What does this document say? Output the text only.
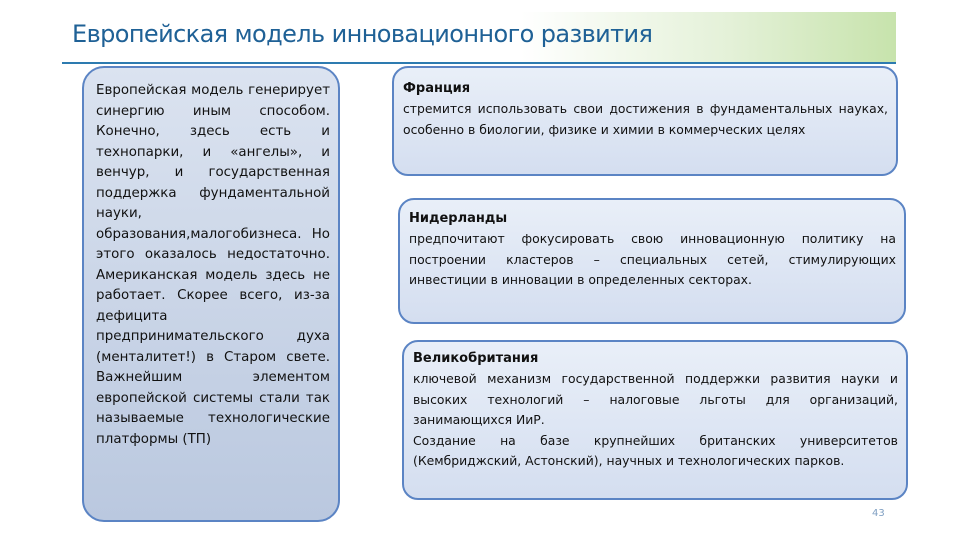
Европейская модель инновационного развития
Европейская модель генерирует синергию иным способом. Конечно, здесь есть и технопарки, и «ангелы», и венчур, и государственная поддержка фундаментальной науки, образования,малогобизнеса. Но этого оказалось недостаточно. Американская модель здесь не работает. Скорее всего, из-за дефицита предпринимательского духа (менталитет!) в Старом свете. Важнейшим элементом европейской системы стали так называемые технологические платформы (ТП)
Франция

стремится использовать свои достижения в фундаментальных науках, особенно в биологии, физике и химии в коммерческих целях

Нидерланды

предпочитают фокусировать свою инновационную политику на построении кластеров – специальных сетей, стимулирующих инвестиции в инновации в определенных секторах.

Великобритания

ключевой механизм государственной поддержки развития науки и высоких технологий – налоговые льготы для организаций, занимающихся ИиР.

Создание на базе крупнейших британских университетов (Кембриджский, Астонский), научных и технологических парков.

43
